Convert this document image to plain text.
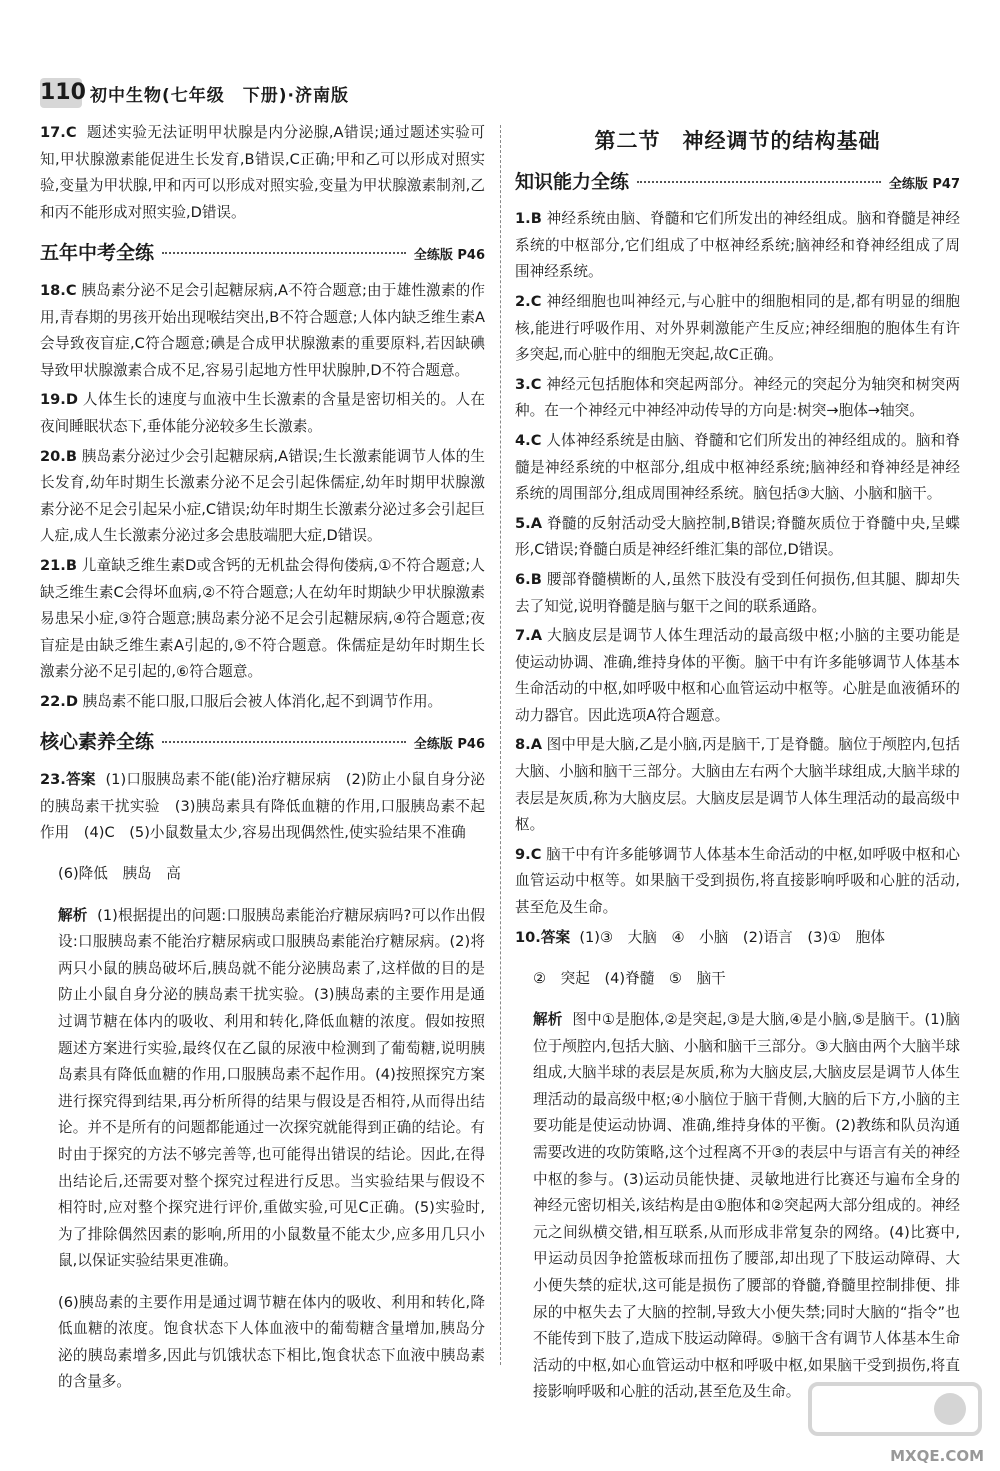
110 初中生物(七年级　下册)·济南版

17.C 题述实验无法证明甲状腺是内分泌腺,A错误;通过题述实验可知,甲状腺激素能促进生长发育,B错误,C正确;甲和乙可以形成对照实验,变量为甲状腺,甲和丙可以形成对照实验,变量为甲状腺激素制剂,乙和丙不能形成对照实验,D错误。

五年中考全练	全练版 P46

18.C 胰岛素分泌不足会引起糖尿病,A不符合题意;由于雄性激素的作用,青春期的男孩开始出现喉结突出,B不符合题意;人体内缺乏维生素A会导致夜盲症,C符合题意;碘是合成甲状腺激素的重要原料,若因缺碘导致甲状腺激素合成不足,容易引起地方性甲状腺肿,D不符合题意。

19.D 人体生长的速度与血液中生长激素的含量是密切相关的。人在夜间睡眠状态下,垂体能分泌较多生长激素。

20.B 胰岛素分泌过少会引起糖尿病,A错误;生长激素能调节人体的生长发育,幼年时期生长激素分泌不足会引起侏儒症,幼年时期甲状腺激素分泌不足会引起呆小症,C错误;幼年时期生长激素分泌过多会引起巨人症,成人生长激素分泌过多会患肢端肥大症,D错误。

21.B 儿童缺乏维生素D或含钙的无机盐会得佝偻病,①不符合题意;人缺乏维生素C会得坏血病,②不符合题意;人在幼年时期缺少甲状腺激素易患呆小症,③符合题意;胰岛素分泌不足会引起糖尿病,④符合题意;夜盲症是由缺乏维生素A引起的,⑤不符合题意。侏儒症是幼年时期生长激素分泌不足引起的,⑥符合题意。

22.D 胰岛素不能口服,口服后会被人体消化,起不到调节作用。

核心素养全练	全练版 P46

23.答案 (1)口服胰岛素不能(能)治疗糖尿病　(2)防止小鼠自身分泌的胰岛素干扰实验　(3)胰岛素具有降低血糖的作用,口服胰岛素不起作用　(4)C　(5)小鼠数量太少,容易出现偶然性,使实验结果不准确

(6)降低　胰岛　高

解析 (1)根据提出的问题:口服胰岛素能治疗糖尿病吗?可以作出假设:口服胰岛素不能治疗糖尿病或口服胰岛素能治疗糖尿病。(2)将两只小鼠的胰岛破坏后,胰岛就不能分泌胰岛素了,这样做的目的是防止小鼠自身分泌的胰岛素干扰实验。(3)胰岛素的主要作用是通过调节糖在体内的吸收、利用和转化,降低血糖的浓度。假如按照题述方案进行实验,最终仅在乙鼠的尿液中检测到了葡萄糖,说明胰岛素具有降低血糖的作用,口服胰岛素不起作用。(4)按照探究方案进行探究得到结果,再分析所得的结果与假设是否相符,从而得出结论。并不是所有的问题都能通过一次探究就能得到正确的结论。有时由于探究的方法不够完善等,也可能得出错误的结论。因此,在得出结论后,还需要对整个探究过程进行反思。当实验结果与假设不相符时,应对整个探究进行评价,重做实验,可见C正确。(5)实验时,为了排除偶然因素的影响,所用的小鼠数量不能太少,应多用几只小鼠,以保证实验结果更准确。

(6)胰岛素的主要作用是通过调节糖在体内的吸收、利用和转化,降低血糖的浓度。饱食状态下人体血液中的葡萄糖含量增加,胰岛分泌的胰岛素增多,因此与饥饿状态下相比,饱食状态下血液中胰岛素的含量多。

第二节　神经调节的结构基础
知识能力全练	全练版 P47

1.B 神经系统由脑、脊髓和它们所发出的神经组成。脑和脊髓是神经系统的中枢部分,它们组成了中枢神经系统;脑神经和脊神经组成了周围神经系统。

2.C 神经细胞也叫神经元,与心脏中的细胞相同的是,都有明显的细胞核,能进行呼吸作用、对外界刺激能产生反应;神经细胞的胞体生有许多突起,而心脏中的细胞无突起,故C正确。

3.C 神经元包括胞体和突起两部分。神经元的突起分为轴突和树突两种。在一个神经元中神经冲动传导的方向是:树突→胞体→轴突。

4.C 人体神经系统是由脑、脊髓和它们所发出的神经组成的。脑和脊髓是神经系统的中枢部分,组成中枢神经系统;脑神经和脊神经是神经系统的周围部分,组成周围神经系统。脑包括③大脑、小脑和脑干。

5.A 脊髓的反射活动受大脑控制,B错误;脊髓灰质位于脊髓中央,呈蝶形,C错误;脊髓白质是神经纤维汇集的部位,D错误。

6.B 腰部脊髓横断的人,虽然下肢没有受到任何损伤,但其腿、脚却失去了知觉,说明脊髓是脑与躯干之间的联系通路。

7.A 大脑皮层是调节人体生理活动的最高级中枢;小脑的主要功能是使运动协调、准确,维持身体的平衡。脑干中有许多能够调节人体基本生命活动的中枢,如呼吸中枢和心血管运动中枢等。心脏是血液循环的动力器官。因此选项A符合题意。

8.A 图中甲是大脑,乙是小脑,丙是脑干,丁是脊髓。脑位于颅腔内,包括大脑、小脑和脑干三部分。大脑由左右两个大脑半球组成,大脑半球的表层是灰质,称为大脑皮层。大脑皮层是调节人体生理活动的最高级中枢。

9.C 脑干中有许多能够调节人体基本生命活动的中枢,如呼吸中枢和心血管运动中枢等。如果脑干受到损伤,将直接影响呼吸和心脏的活动,甚至危及生命。

10.答案 (1)③　大脑　④　小脑　(2)语言　(3)①　胞体

②　突起　(4)脊髓　⑤　脑干

解析 图中①是胞体,②是突起,③是大脑,④是小脑,⑤是脑干。(1)脑位于颅腔内,包括大脑、小脑和脑干三部分。③大脑由两个大脑半球组成,大脑半球的表层是灰质,称为大脑皮层,大脑皮层是调节人体生理活动的最高级中枢;④小脑位于脑干背侧,大脑的后下方,小脑的主要功能是使运动协调、准确,维持身体的平衡。(2)教练和队员沟通需要改进的攻防策略,这个过程离不开③的表层中与语言有关的神经中枢的参与。(3)运动员能快捷、灵敏地进行比赛还与遍布全身的神经元密切相关,该结构是由①胞体和②突起两大部分组成的。神经元之间纵横交错,相互联系,从而形成非常复杂的网络。(4)比赛中,甲运动员因争抢篮板球而扭伤了腰部,却出现了下肢运动障碍、大小便失禁的症状,这可能是损伤了腰部的脊髓,脊髓里控制排便、排尿的中枢失去了大脑的控制,导致大小便失禁;同时大脑的“指令”也不能传到下肢了,造成下肢运动障碍。⑤脑干含有调节人体基本生命活动的中枢,如心血管运动中枢和呼吸中枢,如果脑干受到损伤,将直接影响呼吸和心脏的活动,甚至危及生命。

MXQE.COM
